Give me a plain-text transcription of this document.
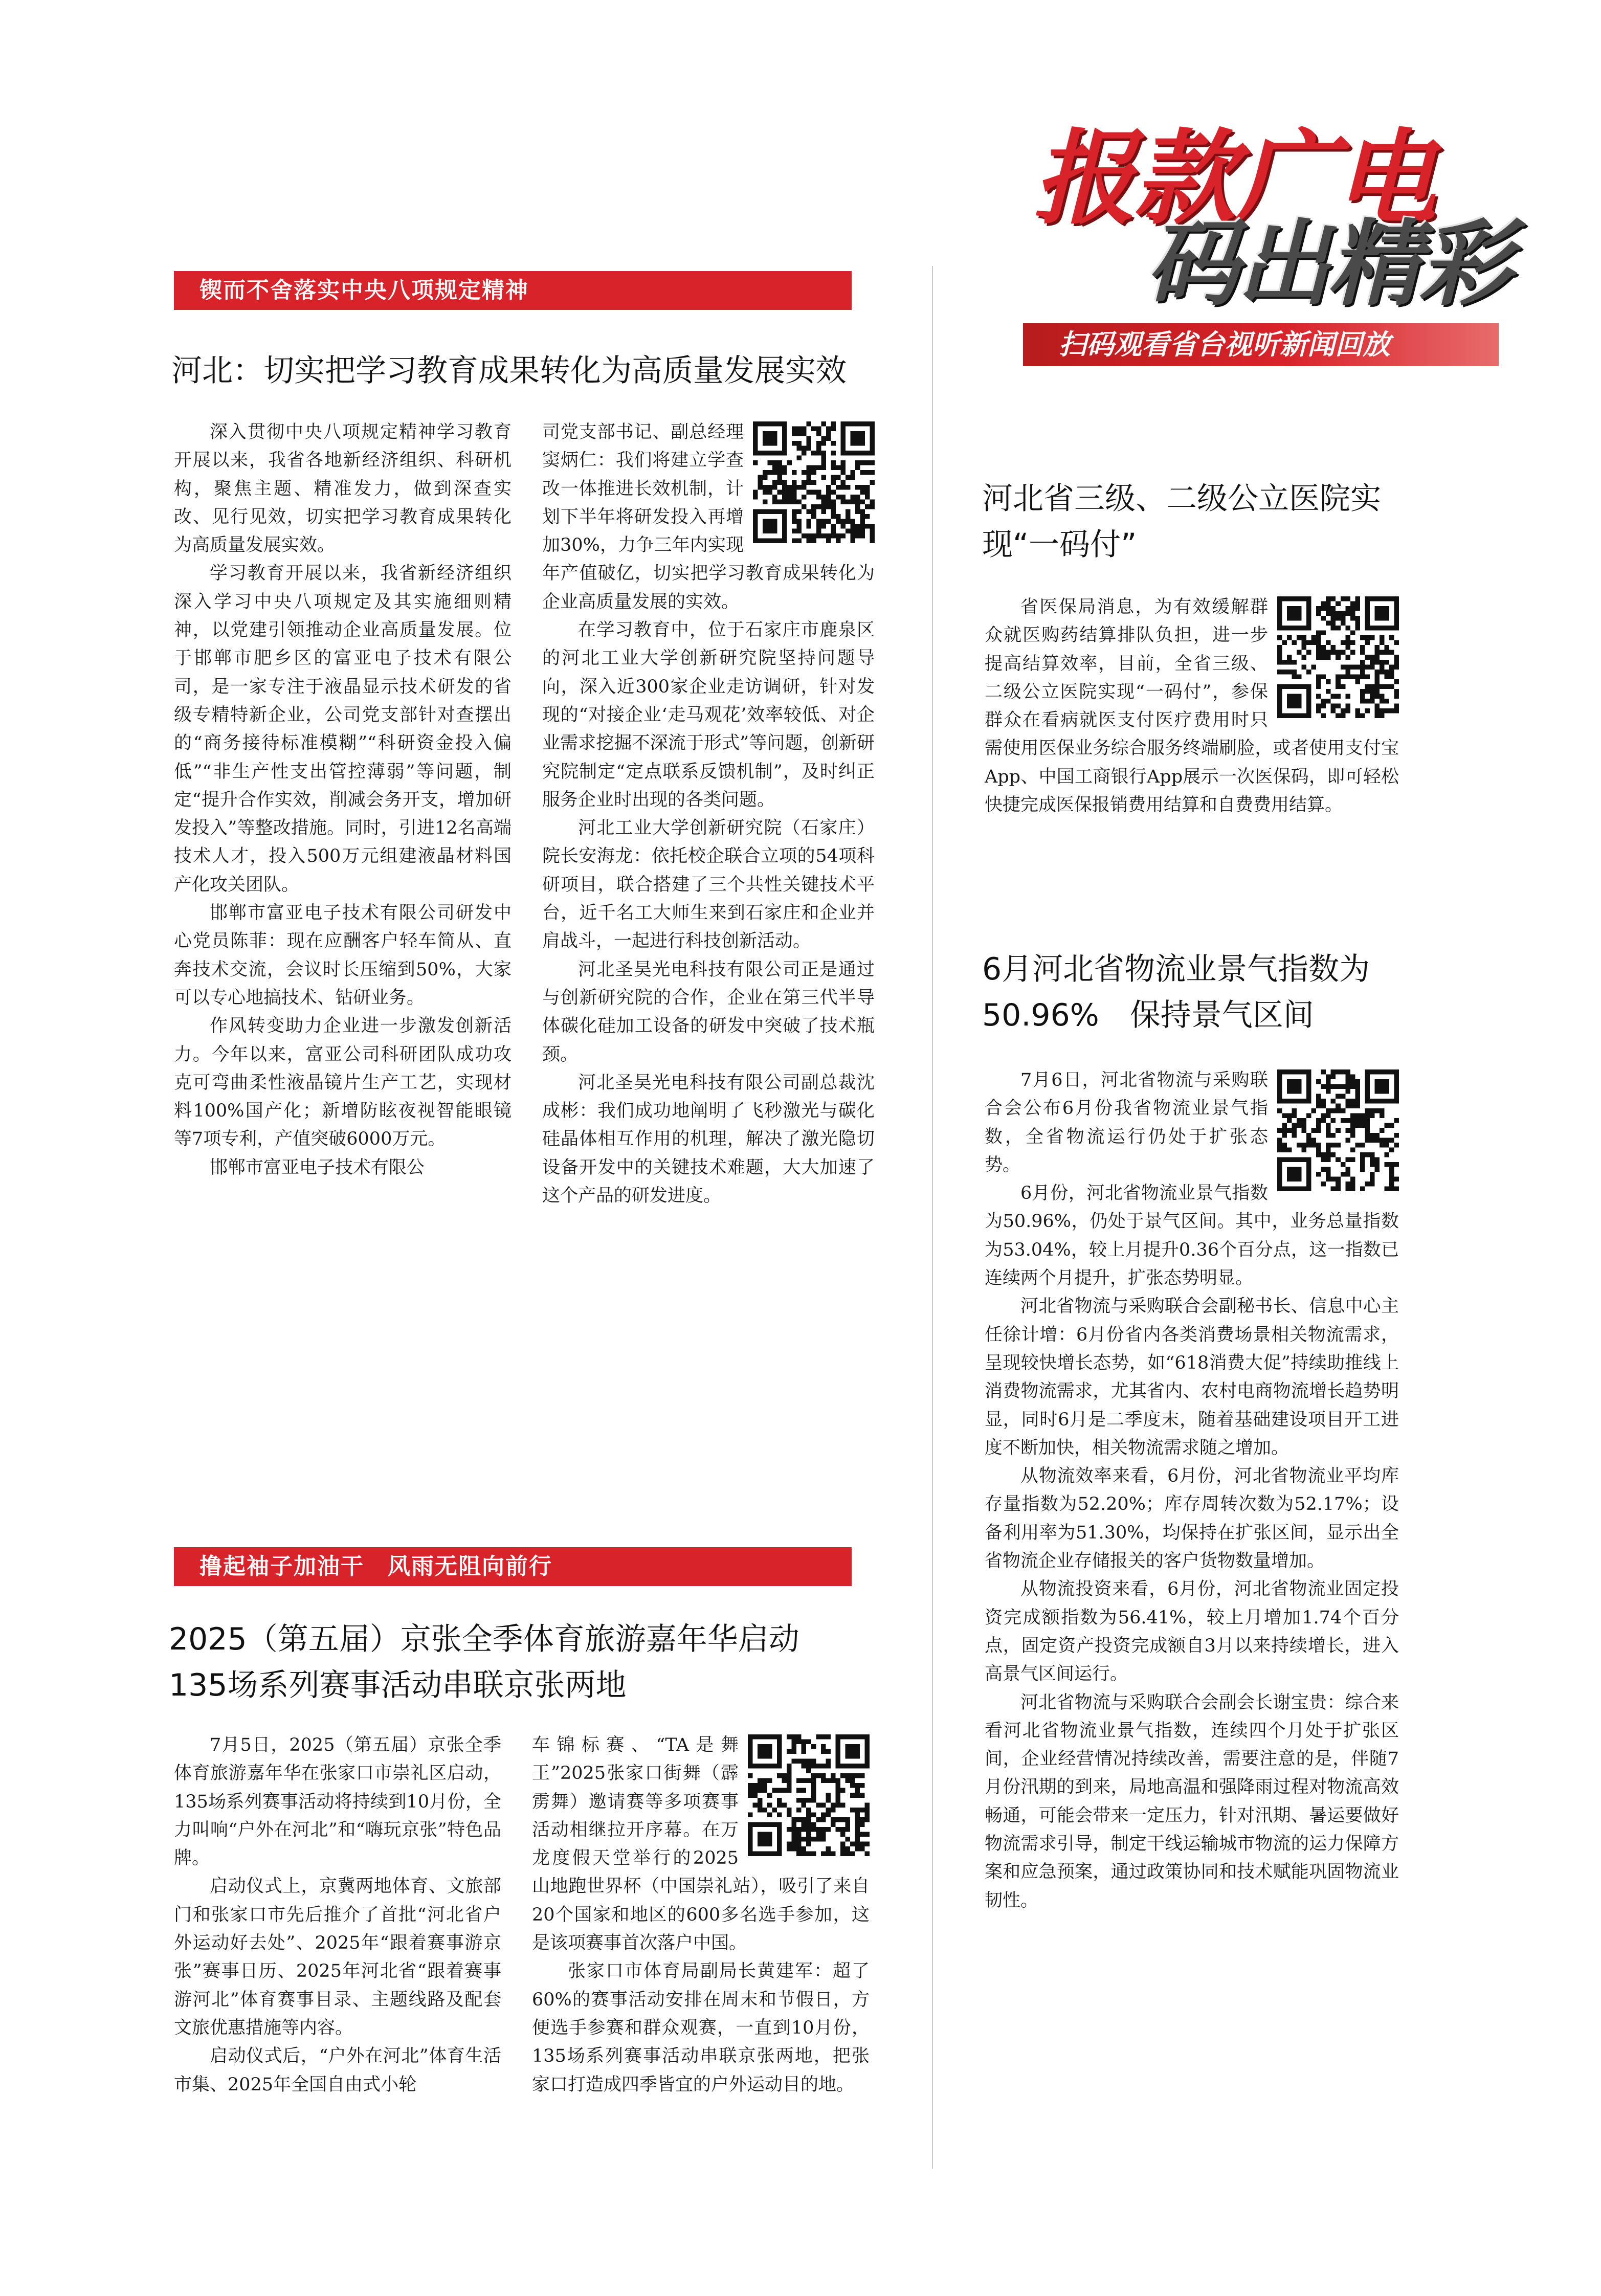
报款广电
码出精彩
扫码观看省台视听新闻回放
锲而不舍落实中央八项规定精神
河北：切实把学习教育成果转化为高质量发展实效

深入贯彻中央八项规定精神学习教育开展以来，我省各地新经济组织、科研机构，聚焦主题、精准发力，做到深查实改、见行见效，切实把学习教育成果转化为高质量发展实效。

学习教育开展以来，我省新经济组织深入学习中央八项规定及其实施细则精神，以党建引领推动企业高质量发展。位于邯郸市肥乡区的富亚电子技术有限公司，是一家专注于液晶显示技术研发的省级专精特新企业，公司党支部针对查摆出的“商务接待标准模糊”“科研资金投入偏低”“非生产性支出管控薄弱”等问题，制定“提升合作实效，削减会务开支，增加研发投入”等整改措施。同时，引进12名高端技术人才，投入500万元组建液晶材料国产化攻关团队。

邯郸市富亚电子技术有限公司研发中心党员陈菲：现在应酬客户轻车简从、直奔技术交流，会议时长压缩到50%，大家可以专心地搞技术、钻研业务。

作风转变助力企业进一步激发创新活力。今年以来，富亚公司科研团队成功攻克可弯曲柔性液晶镜片生产工艺，实现材料100%国产化；新增防眩夜视智能眼镜等7项专利，产值突破6000万元。

邯郸市富亚电子技术有限公

司党支部书记、副总经理窦炳仁：我们将建立学查改一体推进长效机制，计划下半年将研发投入再增加30%，力争三年内实现年产值破亿，切实把学习教育成果转化为企业高质量发展的实效。

在学习教育中，位于石家庄市鹿泉区的河北工业大学创新研究院坚持问题导向，深入近300家企业走访调研，针对发现的“对接企业‘走马观花’效率较低、对企业需求挖掘不深流于形式”等问题，创新研究院制定“定点联系反馈机制”，及时纠正服务企业时出现的各类问题。

河北工业大学创新研究院（石家庄）院长安海龙：依托校企联合立项的54项科研项目，联合搭建了三个共性关键技术平台，近千名工大师生来到石家庄和企业并肩战斗，一起进行科技创新活动。

河北圣昊光电科技有限公司正是通过与创新研究院的合作，企业在第三代半导体碳化硅加工设备的研发中突破了技术瓶颈。

河北圣昊光电科技有限公司副总裁沈成彬：我们成功地阐明了飞秒激光与碳化硅晶体相互作用的机理，解决了激光隐切设备开发中的关键技术难题，大大加速了这个产品的研发进度。

撸起袖子加油干　风雨无阻向前行
2025（第五届）京张全季体育旅游嘉年华启动
135场系列赛事活动串联京张两地

7月5日，2025（第五届）京张全季体育旅游嘉年华在张家口市崇礼区启动，135场系列赛事活动将持续到10月份，全力叫响“户外在河北”和“嗨玩京张”特色品牌。

启动仪式上，京冀两地体育、文旅部门和张家口市先后推介了首批“河北省户外运动好去处”、2025年“跟着赛事游京张”赛事日历、2025年河北省“跟着赛事游河北”体育赛事目录、主题线路及配套文旅优惠措施等内容。

启动仪式后，“户外在河北”体育生活市集、2025年全国自由式小轮

车锦标赛、“TA是舞王”2025张家口街舞（霹雳舞）邀请赛等多项赛事活动相继拉开序幕。在万龙度假天堂举行的2025山地跑世界杯（中国崇礼站），吸引了来自20个国家和地区的600多名选手参加，这是该项赛事首次落户中国。

张家口市体育局副局长黄建军：超了60%的赛事活动安排在周末和节假日，方便选手参赛和群众观赛，一直到10月份，135场系列赛事活动串联京张两地，把张家口打造成四季皆宜的户外运动目的地。

河北省三级、二级公立医院实
现“一码付”

省医保局消息，为有效缓解群众就医购药结算排队负担，进一步提高结算效率，目前，全省三级、二级公立医院实现“一码付”，参保群众在看病就医支付医疗费用时只需使用医保业务综合服务终端刷脸，或者使用支付宝App、中国工商银行App展示一次医保码，即可轻松快捷完成医保报销费用结算和自费费用结算。

6月河北省物流业景气指数为
50.96%　保持景气区间

7月6日，河北省物流与采购联合会公布6月份我省物流业景气指数，全省物流运行仍处于扩张态势。

6月份，河北省物流业景气指数为50.96%，仍处于景气区间。其中，业务总量指数为53.04%，较上月提升0.36个百分点，这一指数已连续两个月提升，扩张态势明显。

河北省物流与采购联合会副秘书长、信息中心主任徐计增：6月份省内各类消费场景相关物流需求，呈现较快增长态势，如“618消费大促”持续助推线上消费物流需求，尤其省内、农村电商物流增长趋势明显，同时6月是二季度末，随着基础建设项目开工进度不断加快，相关物流需求随之增加。

从物流效率来看，6月份，河北省物流业平均库存量指数为52.20%；库存周转次数为52.17%；设备利用率为51.30%，均保持在扩张区间，显示出全省物流企业存储报关的客户货物数量增加。

从物流投资来看，6月份，河北省物流业固定投资完成额指数为56.41%，较上月增加1.74个百分点，固定资产投资完成额自3月以来持续增长，进入高景气区间运行。

河北省物流与采购联合会副会长谢宝贵：综合来看河北省物流业景气指数，连续四个月处于扩张区间，企业经营情况持续改善，需要注意的是，伴随7月份汛期的到来，局地高温和强降雨过程对物流高效畅通，可能会带来一定压力，针对汛期、暑运要做好物流需求引导，制定干线运输城市物流的运力保障方案和应急预案，通过政策协同和技术赋能巩固物流业韧性。
